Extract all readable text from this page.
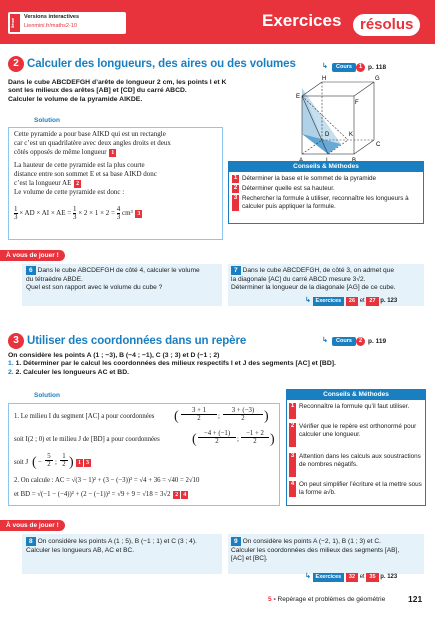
5ème
Versions interactives
Lienmini.fr/maths2-10	Exercices	résolus
2 Calculer des longueurs, des aires ou des volumes	↳	Cours	1 p. 118
Dans le cube ABCDEFGH d’arête de longueur 2 cm, les points I et K
sont les milieux des arêtes [AB] et [CD] du carré ABCD.
Calculer le volume de la pyramide AIKDE.
H	G
E
F
D	K
C
Solution
Cette pyramide a pour base AIKD qui est un rectangle
car c’est un quadrilatère avec deux angles droits et deux
côtés opposés de même longueur 1
La hauteur de cette pyramide est la plus courte
distance entre son sommet E et sa base AIKD donc
c’est la longueur AE 2
Le volume de cette pyramide est donc :
$\frac{1}{3}$ × AD × AI × AE = $\frac{1}{3} \times 2 \times 1 \times 2 = \frac{4}{3} cm^3$ 3
Conseils & Méthodes
1 Déterminer la base et le sommet de la pyramide
2 Déterminer quelle est sa hauteur.
3 Rechercher la formule à utiliser, reconnaître les longueurs à calculer puis appliquer la formule.
À vous de jouer !
6 Dans le cube ABCDEFGH de côté 4, calculer le volume
du tétraèdre ABDE.
Quel est son rapport avec le volume du cube ?
7 Dans le cube ABCDEFGH, de côté 3, on admet que
la diagonale [AC] du carré ABCD mesure 3√2.
Déterminer la longueur de la diagonale [AG] de ce cube.
↳ Exercices 26 et 27 p. 123
3 Utiliser des coordonnées dans un repère	↳	Cours	2 p. 119
On considère les points A (1 ; −3), B (−4 ; −1), C (3 ; 3) et D (−1 ; 2)
1. 1. Déterminer par le calcul les coordonnées des milieux respectifs I et J des segments [AC] et [BD].
2. 2. Calculer les longueurs AC et BD.
Solution
1. Le milieu I du segment [AC] a pour coordonnées (	3 + 1
2	;
3 + (−3)
2	)
soit I(2 ; 0) et le milieu J de [BD] a pour coordonnées (	−4 + (−1)
2	;
−1 + 2
2 )
soit J ( −
5
2 ;
1
2 ) 1 3
2. On calcule : AC = √(3 − 1)² + (3 − (−3))² = √4 + 36 = √40 = 2√10
et BD = √(−1 − (−4))² + (2 − (−1))² = √9 + 9 = √18 = 3√2 2 4
Conseils & Méthodes
1 Reconnaître la formule qu’il faut utiliser.
2 Vérifier que le repère est orthonormé pour calculer une longueur.
3 Attention dans les calculs aux soustractions de nombres négatifs.
4 On peut simplifier l’écriture et la mettre sous la forme a√b.
À vous de jouer !
8 On considère les points A (1 ; 5), B (−1 ; 1) et C (3 ; 4).
Calculer les longueurs AB, AC et BC.
9 On considère les points A (−2, 1), B (1 ; 3) et C.
Calculer les coordonnées des milieux des segments [AB],
[AC] et [BC].
↳ Exercices 32 et 35 p. 123
5 • Repérage et problèmes de géométrie	121
